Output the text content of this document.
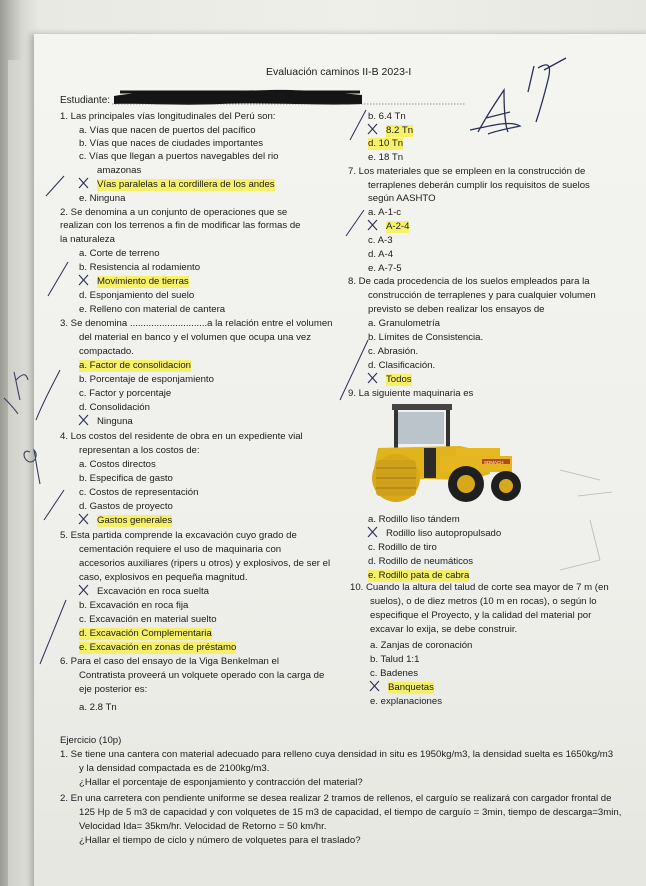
Evaluación caminos II-B 2023-I
Estudiante:
1. Las principales vías longitudinales del Perú son:
a. Vías que nacen de puertos del pacífico
b. Vías que naces de ciudades importantes
c. Vías que llegan a puertos navegables del rio
amazonas
Vías paralelas a la cordillera de los andes
e. Ninguna
2. Se denomina a un conjunto de operaciones que se
realizan con los terrenos a fin de modificar las formas de
la naturaleza
a. Corte de terreno
b. Resistencia al rodamiento
Movimiento de tierras
d. Esponjamiento del suelo
e. Relleno con material de cantera
3. Se denomina .............................a la relación entre el volumen
del material en banco y el volumen que ocupa una vez
compactado.
a. Factor de consolidacion
b. Porcentaje de esponjamiento
c. Factor y porcentaje
d. Consolidación
Ninguna
4. Los costos del residente de obra en un expediente vial
representan a los costos de:
a. Costos directos
b. Especifica de gasto
c. Costos de representación
d. Gastos de proyecto
Gastos generales
5. Esta partida comprende la excavación cuyo grado de
cementación requiere el uso de maquinaria con
accesorios auxiliares (ripers u otros) y explosivos, de ser el
caso, explosivos en pequeña magnitud.
Excavación en roca suelta
b. Excavación en roca fija
c. Excavación en material suelto
d. Excavación Complementaria
e. Excavación en zonas de préstamo
6. Para el caso del ensayo de la Viga Benkelman el
Contratista proveerá un volquete operado con la carga de
eje posterior es:
a. 2.8 Tn
b. 6.4 Tn
8.2 Tn
d. 10 Tn
e. 18 Tn
7. Los materiales que se empleen en la construcción de
terraplenes deberán cumplir los requisitos de suelos
según AASHTO
a. A-1-c
A-2-4
c. A-3
d. A-4
e. A-7-5
8. De cada procedencia de los suelos empleados para la
construcción de terraplenes y para cualquier volumen
previsto se deben realizar los ensayos de
a. Granulometría
b. Límites de Consistencia.
c. Abrasión.
d. Clasificación.
Todos
9. La siguiente maquinaria es
a. Rodillo liso tándem
Rodillo liso autopropulsado
c. Rodillo de tiro
d. Rodillo de neumáticos
e. Rodillo pata de cabra
10. Cuando la altura del talud de corte sea mayor de 7 m (en
suelos), o de diez metros (10 m en rocas), o según lo
especifique el Proyecto, y la calidad del material por
excavar lo exija, se debe construir.
a. Zanjas de coronación
b. Talud 1:1
c. Badenes
Banquetas
e. explanaciones
Ejercicio (10p)
1. Se tiene una cantera con material adecuado para relleno cuya densidad in situ es 1950kg/m3, la densidad suelta es 1650kg/m3
y la densidad compactada es de 2100kg/m3.
¿Hallar el porcentaje de esponjamiento y contracción del material?
2. En una carretera con pendiente uniforme se desea realizar 2 tramos de rellenos, el carguío se realizará con cargador frontal de
125 Hp de 5 m3 de capacidad y con volquetes de 15 m3 de capacidad, el tiempo de carguío = 3min, tiempo de descarga=3min,
Velocidad Ida= 35km/hr. Velocidad de Retorno = 50 km/hr.
¿Hallar el tiempo de ciclo y número de volquetes para el traslado?
SDMACH
